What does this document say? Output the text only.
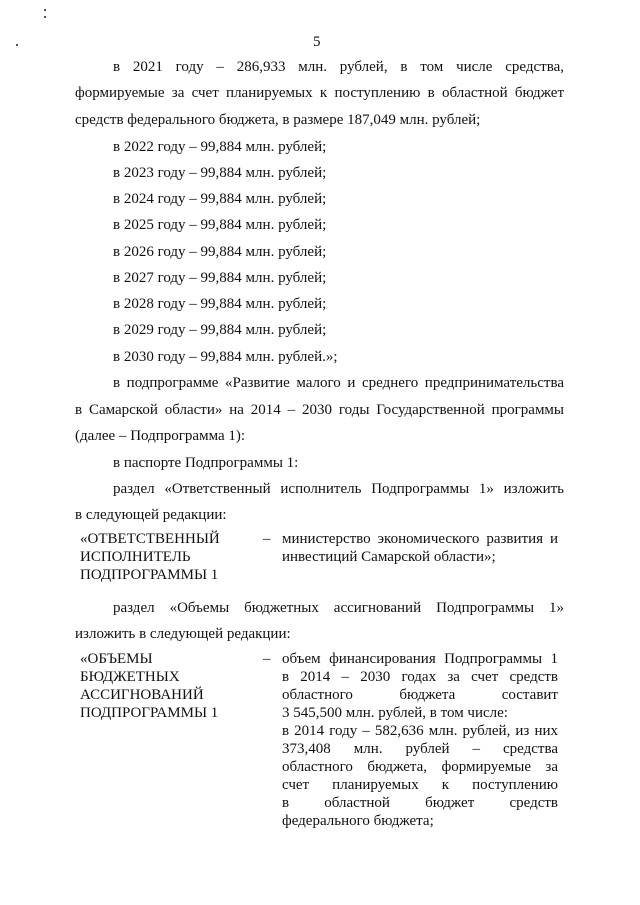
5
в 2021 году – 286,933 млн. рублей, в том числе средства,
формируемые за счет планируемых к поступлению в областной бюджет
средств федерального бюджета, в размере 187,049 млн. рублей;
в 2022 году – 99,884 млн. рублей;
в 2023 году – 99,884 млн. рублей;
в 2024 году – 99,884 млн. рублей;
в 2025 году – 99,884 млн. рублей;
в 2026 году – 99,884 млн. рублей;
в 2027 году – 99,884 млн. рублей;
в 2028 году – 99,884 млн. рублей;
в 2029 году – 99,884 млн. рублей;
в 2030 году – 99,884 млн. рублей.»;
в подпрограмме «Развитие малого и среднего предпринимательства
в Самарской области» на 2014 – 2030 годы Государственной программы
(далее – Подпрограмма 1):
в паспорте Подпрограммы 1:
раздел «Ответственный исполнитель Подпрограммы 1» изложить
в следующей редакции:
«ОТВЕТСТВЕННЫЙ
ИСПОЛНИТЕЛЬ
ПОДПРОГРАММЫ 1
– министерство экономического развития и
инвестиций Самарской области»;
раздел «Объемы бюджетных ассигнований Подпрограммы 1»
изложить в следующей редакции:
«ОБЪЕМЫ
БЮДЖЕТНЫХ
АССИГНОВАНИЙ
ПОДПРОГРАММЫ 1
– объем финансирования Подпрограммы 1
в 2014 – 2030 годах за счет средств
областного бюджета составит
3 545,500 млн. рублей, в том числе:
в 2014 году – 582,636 млн. рублей, из них
373,408 млн. рублей – средства
областного бюджета, формируемые за
счет планируемых к поступлению
в областной бюджет средств
федерального бюджета;
